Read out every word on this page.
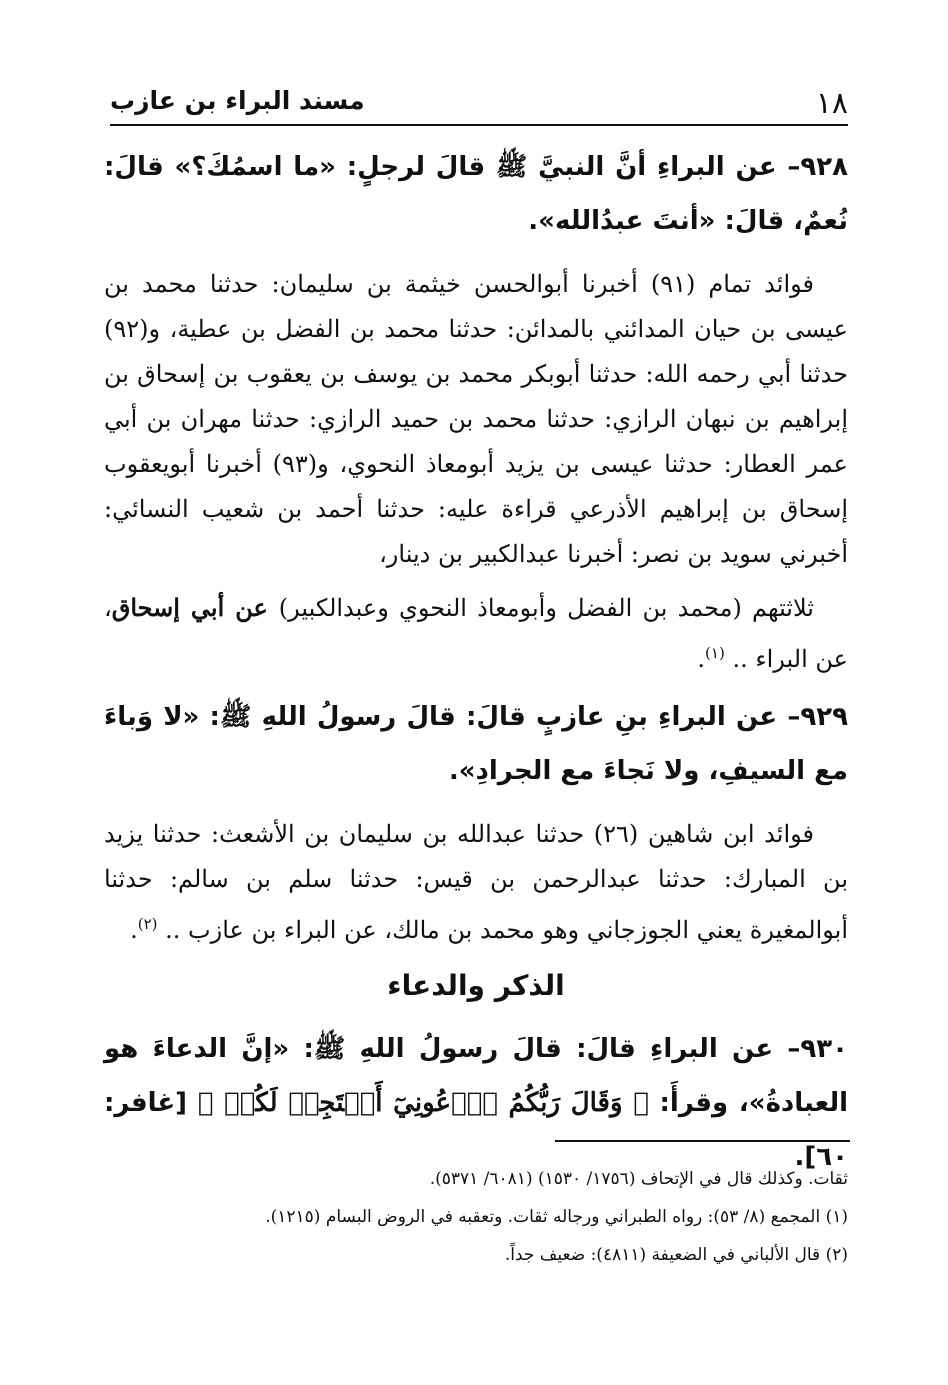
١٨
مسند البراء بن عازب

٩٢٨– عن البراءِ أنَّ النبيَّ ﷺ قالَ لرجلٍ: «ما اسمُكَ؟» قالَ: نُعمٌ، قالَ: «أنتَ عبدُالله».

فوائد تمام (٩١) أخبرنا أبوالحسن خيثمة بن سليمان: حدثنا محمد بن عيسى بن حيان المدائني بالمدائن: حدثنا محمد بن الفضل بن عطية، و(٩٢) حدثنا أبي رحمه الله: حدثنا أبوبكر محمد بن يوسف بن يعقوب بن إسحاق بن إبراهيم بن نبهان الرازي: حدثنا محمد بن حميد الرازي: حدثنا مهران بن أبي عمر العطار: حدثنا عيسى بن يزيد أبومعاذ النحوي، و(٩٣) أخبرنا أبويعقوب إسحاق بن إبراهيم الأذرعي قراءة عليه: حدثنا أحمد بن شعيب النسائي: أخبرني سويد بن نصر: أخبرنا عبدالكبير بن دينار،

ثلاثتهم (محمد بن الفضل وأبومعاذ النحوي وعبدالكبير) عن أبي إسحاق، عن البراء .. $^{(١)}$.

٩٢٩– عن البراءِ بنِ عازبٍ قالَ: قالَ رسولُ اللهِ ﷺ: «لا وَباءَ مع السيفِ، ولا نَجاءَ مع الجرادِ».

فوائد ابن شاهين (٢٦) حدثنا عبدالله بن سليمان بن الأشعث: حدثنا يزيد بن المبارك: حدثنا عبدالرحمن بن قيس: حدثنا سلم بن سالم: حدثنا أبوالمغيرة يعني الجوزجاني وهو محمد بن مالك، عن البراء بن عازب .. $^{(٢)}$.

الذكر والدعاء

٩٣٠– عن البراءِ قالَ: قالَ رسولُ اللهِ ﷺ: «إنَّ الدعاءَ هو العبادةُ»، وقرأَ: ﴿ وَقَالَ رَبُّكُمُ ٱدۡعُونِيٓ أَسۡتَجِبۡ لَكُمۡ ﴾ [غافر: ٦٠].

ثقات. وكذلك قال في الإتحاف (١٧٥٦/ ١٥٣٠) (٦٠٨١/ ٥٣٧١).

(١) المجمع (٨/ ٥٣): رواه الطبراني ورجاله ثقات. وتعقبه في الروض البسام (١٢١٥).

(٢) قال الألباني في الضعيفة (٤٨١١): ضعيف جداً.
